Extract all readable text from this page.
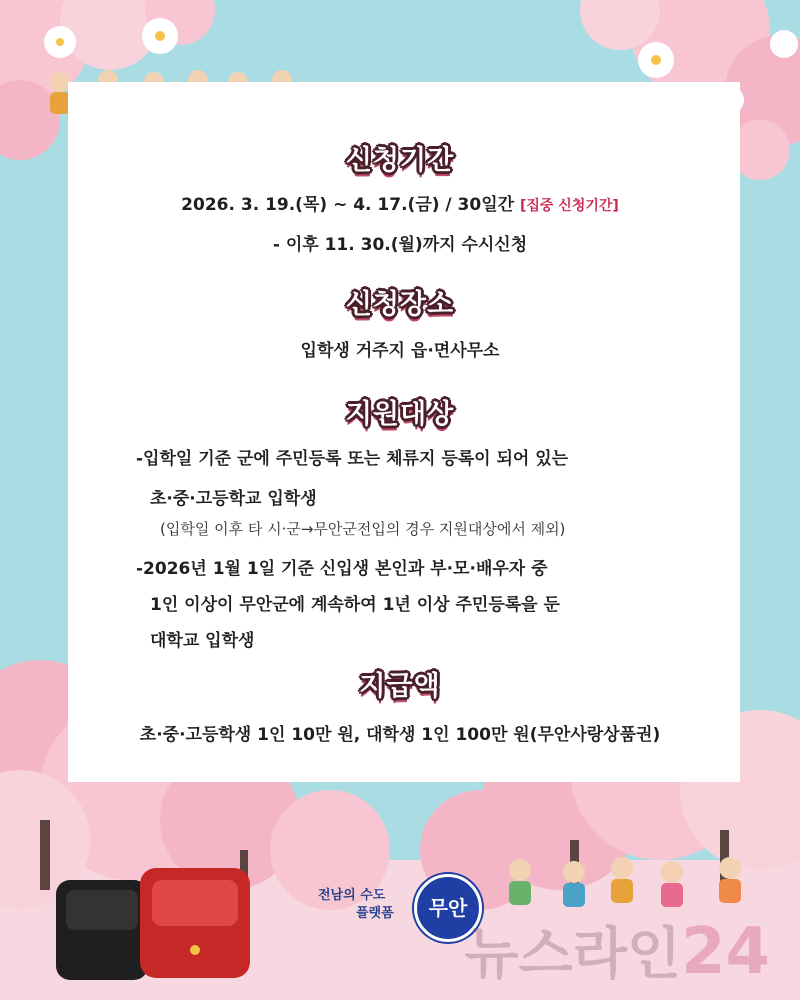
신청기간
2026. 3. 19.(목) ~ 4. 17.(금) / 30일간 [집중 신청기간]
- 이후 11. 30.(월)까지 수시신청
신청장소
입학생 거주지 읍·면사무소
지원대상
-입학일 기준 군에 주민등록 또는 체류지 등록이 되어 있는
초·중·고등학교 입학생
(입학일 이후 타 시·군→무안군전입의 경우 지원대상에서 제외)
-2026년 1월 1일 기준 신입생 본인과 부·모·배우자 중
1인 이상이 무안군에 계속하여 1년 이상 주민등록을 둔
대학교 입학생
지급액
초·중·고등학생 1인 10만 원, 대학생 1인 100만 원(무안사랑상품권)
전남의 수도
플랫폼	무안
뉴스라인24
